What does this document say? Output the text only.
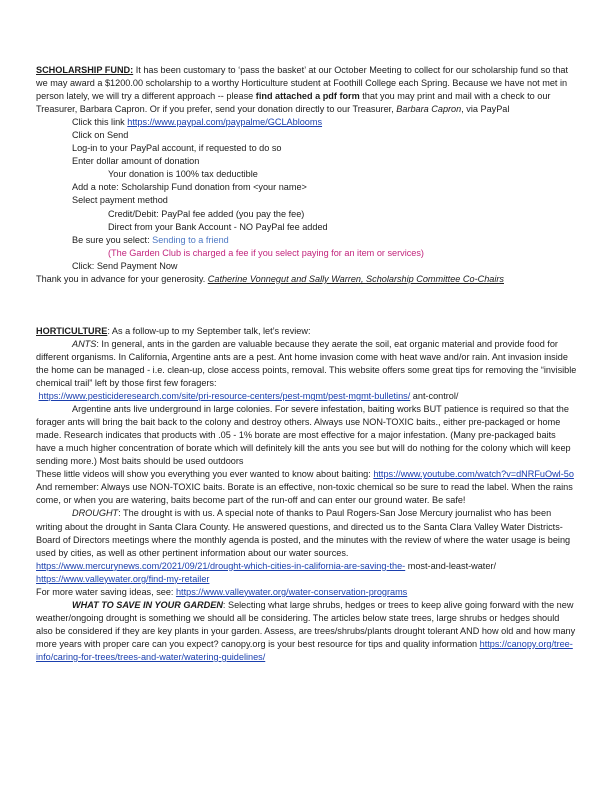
SCHOLARSHIP FUND: It has been customary to ‘pass the basket’ at our October Meeting to collect for our scholarship fund so that we may award a $1200.00 scholarship to a worthy Horticulture student at Foothill College each Spring. Because we have not met in person lately, we will try a different approach -- please find attached a pdf form that you may print and mail with a check to our Treasurer, Barbara Capron. Or if you prefer, send your donation directly to our Treasurer, Barbara Capron, via PayPal

Click this link https://www.paypal.com/paypalme/GCLAblooms

Click on Send

Log-in to your PayPal account, if requested to do so

Enter dollar amount of donation

Your donation is 100% tax deductible

Add a note: Scholarship Fund donation from <your name>

Select payment method

Credit/Debit: PayPal fee added (you pay the fee)

Direct from your Bank Account - NO PayPal fee added

Be sure you select: Sending to a friend

(The Garden Club is charged a fee if you select paying for an item or services)

Click: Send Payment Now

Thank you in advance for your generosity. Catherine Vonnegut and Sally Warren, Scholarship Committee Co-Chairs

HORTICULTURE: As a follow-up to my September talk, let’s review:

ANTS: In general, ants in the garden are valuable because they aerate the soil, eat organic material and provide food for different organisms. In California, Argentine ants are a pest. Ant home invasion come with heat wave and/or rain. Ant invasion inside the home can be managed - i.e. clean-up, close access points, removal. This website offers some great tips for removing the “invisible chemical trail” left by those first few foragers:

https://www.pesticideresearch.com/site/pri-resource-centers/pest-mgmt/pest-mgmt-bulletins/ ant-control/

Argentine ants live underground in large colonies. For severe infestation, baiting works BUT patience is required so that the forager ants will bring the bait back to the colony and destroy others. Always use NON-TOXIC baits., either pre-packaged or home made. Research indicates that products with .05 - 1% borate are most effective for a major infestation. (Many pre-packaged baits have a much higher concentration of borate which will definitely kill the ants you see but will do nothing for the colony which will keep sending more.) Most baits should be used outdoors

These little videos will show you everything you ever wanted to know about baiting: https://www.youtube.com/watch?v=dNRFuOwl-5o And remember: Always use NON-TOXIC baits. Borate is an effective, non-toxic chemical so be sure to read the label. When the rains come, or when you are watering, baits become part of the run-off and can enter our ground water. Be safe!

DROUGHT: The drought is with us. A special note of thanks to Paul Rogers-San Jose Mercury journalist who has been writing about the drought in Santa Clara County. He answered questions, and directed us to the Santa Clara Valley Water Districts- Board of Directors meetings where the monthly agenda is posted, and the minutes with the review of where the water usage is being used by cities, as well as other pertinent information about our water sources.

https://www.mercurynews.com/2021/09/21/drought-which-cities-in-california-are-saving-the- most-and-least-water/

https://www.valleywater.org/find-my-retailer

For more water saving ideas, see: https://www.valleywater.org/water-conservation-programs

WHAT TO SAVE IN YOUR GARDEN: Selecting what large shrubs, hedges or trees to keep alive going forward with the new weather/ongoing drought is something we should all be considering. The articles below state trees, large shrubs or hedges should also be considered if they are key plants in your garden. Assess, are trees/shrubs/plants drought tolerant AND how old and how many more years with proper care can you expect? canopy.org is your best resource for tips and quality information https://canopy.org/tree-info/caring-for-trees/trees-and-water/watering-guidelines/
